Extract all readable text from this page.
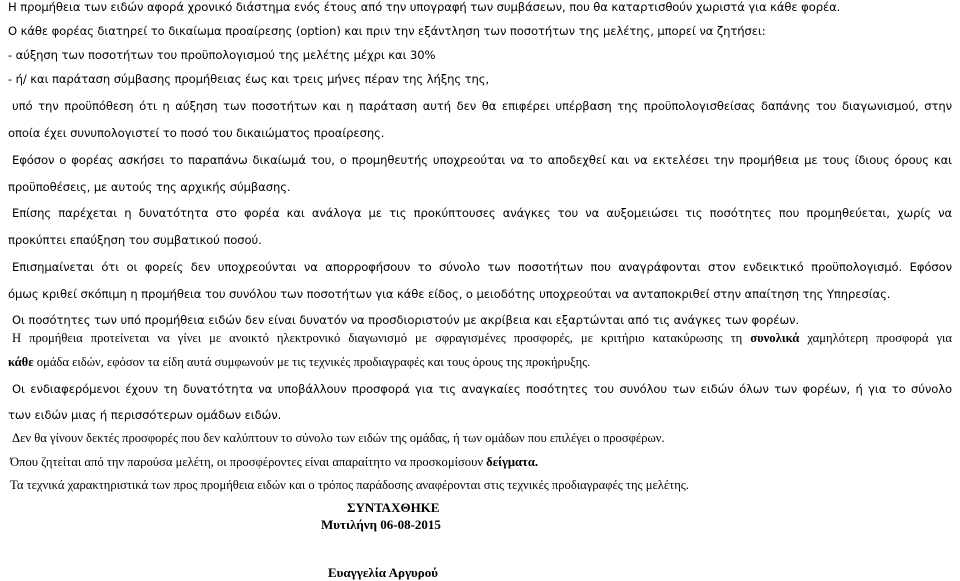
Η προμήθεια των ειδών αφορά χρονικό διάστημα ενός έτους από την υπογραφή των συμβάσεων, που θα καταρτισθούν χωριστά για κάθε φορέα.
Ο κάθε φορέας διατηρεί το δικαίωμα προαίρεσης (option) και πριν την εξάντληση των ποσοτήτων της μελέτης, μπορεί να ζητήσει:
- αύξηση των ποσοτήτων του προϋπολογισμού της μελέτης μέχρι και 30%
- ή/ και παράταση σύμβασης προμήθειας έως και τρεις μήνες πέραν της λήξης της,
υπό την προϋπόθεση ότι η αύξηση των ποσοτήτων και η παράταση αυτή δεν θα επιφέρει υπέρβαση της προϋπολογισθείσας δαπάνης του διαγωνισμού, στην
οποία έχει συνυπολογιστεί το ποσό του δικαιώματος προαίρεσης.
Εφόσον ο φορέας ασκήσει το παραπάνω δικαίωμά του, ο προμηθευτής υποχρεούται να το αποδεχθεί και να εκτελέσει την προμήθεια με τους ίδιους όρους και
προϋποθέσεις, με αυτούς της αρχικής σύμβασης.
Επίσης παρέχεται η δυνατότητα στο φορέα και ανάλογα με τις προκύπτουσες ανάγκες του να αυξομειώσει τις ποσότητες που προμηθεύεται, χωρίς να
προκύπτει επαύξηση του συμβατικού ποσού.
Επισημαίνεται ότι οι φορείς δεν υποχρεούνται να απορροφήσουν το σύνολο των ποσοτήτων που αναγράφονται στον ενδεικτικό προϋπολογισμό. Εφόσον
όμως κριθεί σκόπιμη η προμήθεια του συνόλου των ποσοτήτων για κάθε είδος, ο μειοδότης υποχρεούται να ανταποκριθεί στην απαίτηση της Υπηρεσίας.
Οι ποσότητες των υπό προμήθεια ειδών δεν είναι δυνατόν να προσδιοριστούν με ακρίβεια και εξαρτώνται από τις ανάγκες των φορέων.
Η προμήθεια προτείνεται να γίνει με ανοικτό ηλεκτρονικό διαγωνισμό με σφραγισμένες προσφορές, με κριτήριο κατακύρωσης τη συνολικά χαμηλότερη προσφορά για
κάθε ομάδα ειδών, εφόσον τα είδη αυτά συμφωνούν με τις τεχνικές προδιαγραφές και τους όρους της προκήρυξης.
Οι ενδιαφερόμενοι έχουν τη δυνατότητα να υποβάλλουν προσφορά για τις αναγκαίες ποσότητες του συνόλου των ειδών όλων των φορέων, ή για το σύνολο
των ειδών μιας ή περισσότερων ομάδων ειδών.
Δεν θα γίνουν δεκτές προσφορές που δεν καλύπτουν το σύνολο των ειδών της ομάδας, ή των ομάδων που επιλέγει ο προσφέρων.
Όπου ζητείται από την παρούσα μελέτη, οι προσφέροντες είναι απαραίτητο να προσκομίσουν δείγματα.
Τα τεχνικά χαρακτηριστικά των προς προμήθεια ειδών και ο τρόπος παράδοσης αναφέρονται στις τεχνικές προδιαγραφές της μελέτης.
ΣΥΝΤΑΧΘΗΚΕ
Μυτιλήνη 06-08-2015
Ευαγγελία Αργυρού
